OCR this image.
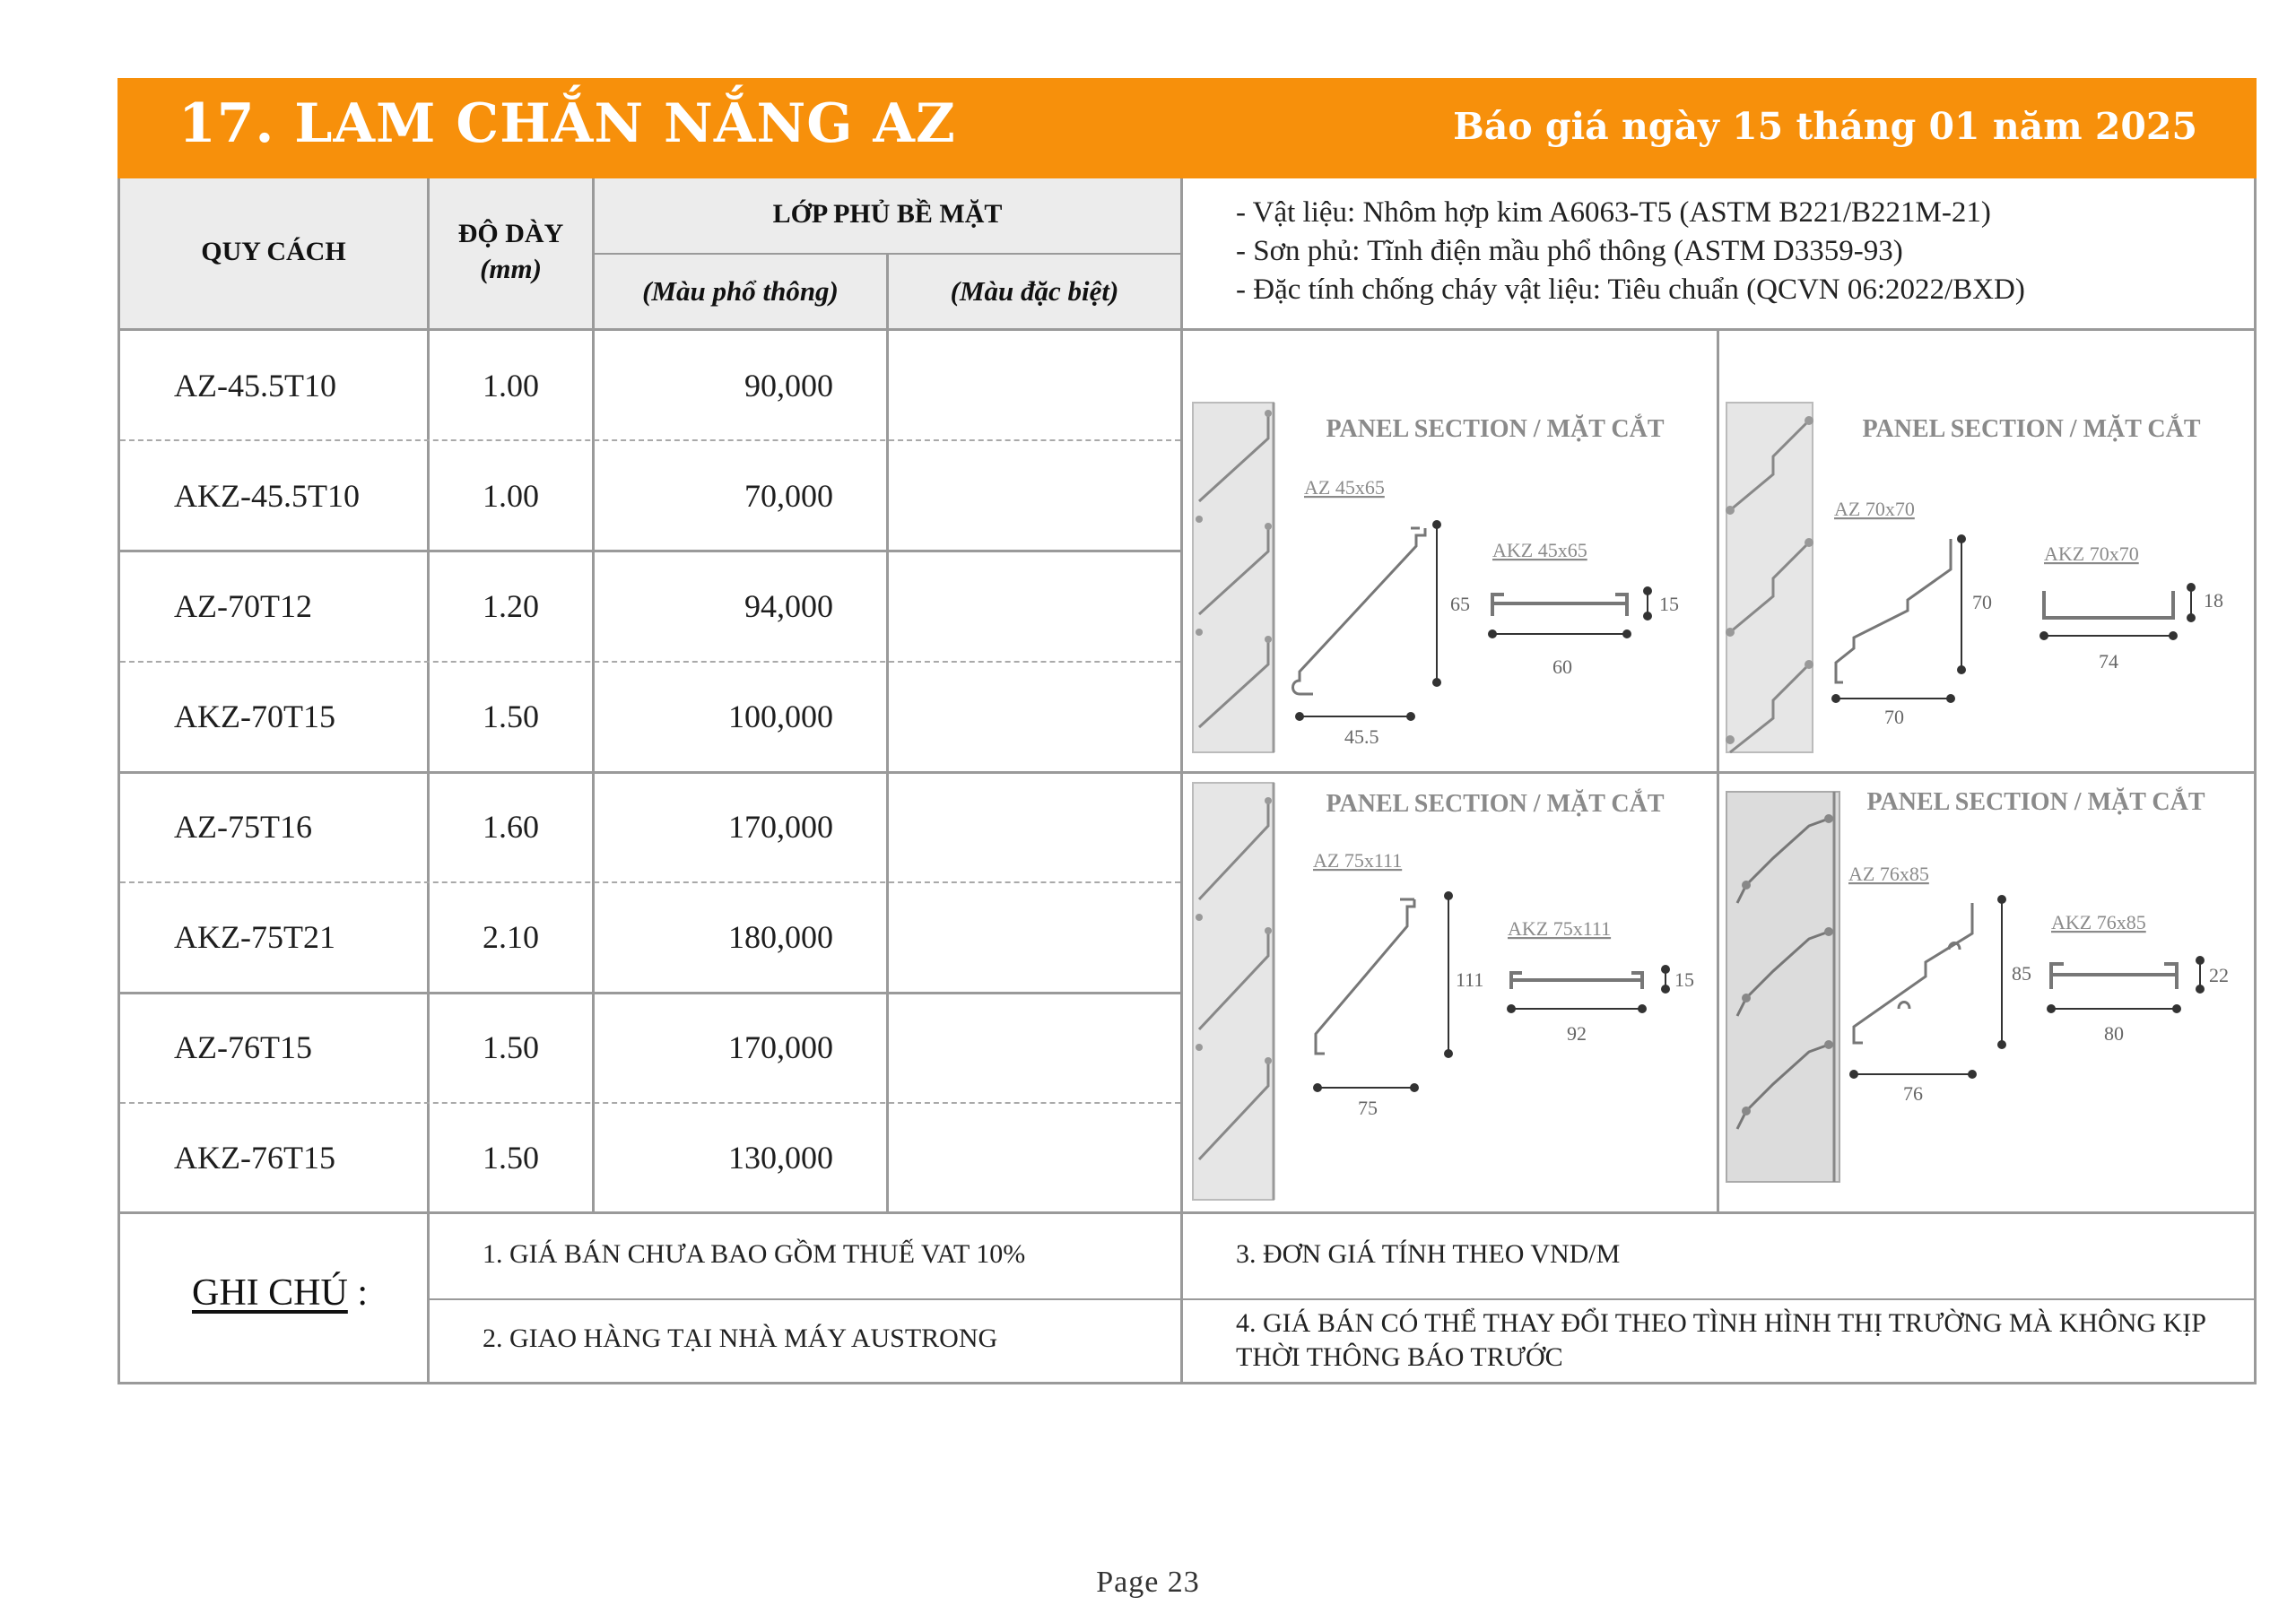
17. LAM CHẮN NẮNG AZ	Báo giá ngày 15 tháng 01 năm 2025
QUY CÁCH
ĐỘ DÀY
(mm)
LỚP PHỦ BỀ MẶT
(Màu phổ thông)	(Màu đặc biệt)
- Vật liệu: Nhôm hợp kim A6063-T5 (ASTM B221/B221M-21)
- Sơn phủ: Tĩnh điện mầu phổ thông (ASTM D3359-93)
- Đặc tính chống cháy vật liệu: Tiêu chuẩn (QCVN 06:2022/BXD)
AZ-45.5T10	1.00	90,000
AKZ-45.5T10	1.00	70,000
AZ-70T12	1.20	94,000
AKZ-70T15	1.50	100,000
AZ-75T16	1.60	170,000
AKZ-75T21	2.10	180,000
AZ-76T15	1.50	170,000
AKZ-76T15	1.50	130,000
PANEL SECTION / MẶT CẮT
AZ 45x65
65
45.5
AKZ 45x65
60
15
PANEL SECTION / MẶT CẮT
AZ 70x70
70
70
AKZ 70x70
74
18
PANEL SECTION / MẶT CẮT
AZ 75x111
111
75
AKZ 75x111
92
15
PANEL SECTION / MẶT CẮT
AZ 76x85
85
76
AKZ 76x85
80
22
GHI CHÚ :
1. GIÁ BÁN CHƯA BAO GỒM THUẾ VAT 10%
2. GIAO HÀNG TẠI NHÀ MÁY AUSTRONG
3. ĐƠN GIÁ TÍNH THEO VND/M
4. GIÁ BÁN CÓ THỂ THAY ĐỔI THEO TÌNH HÌNH THỊ TRƯỜNG MÀ KHÔNG KỊP THỜI THÔNG BÁO TRƯỚC
Page 23
